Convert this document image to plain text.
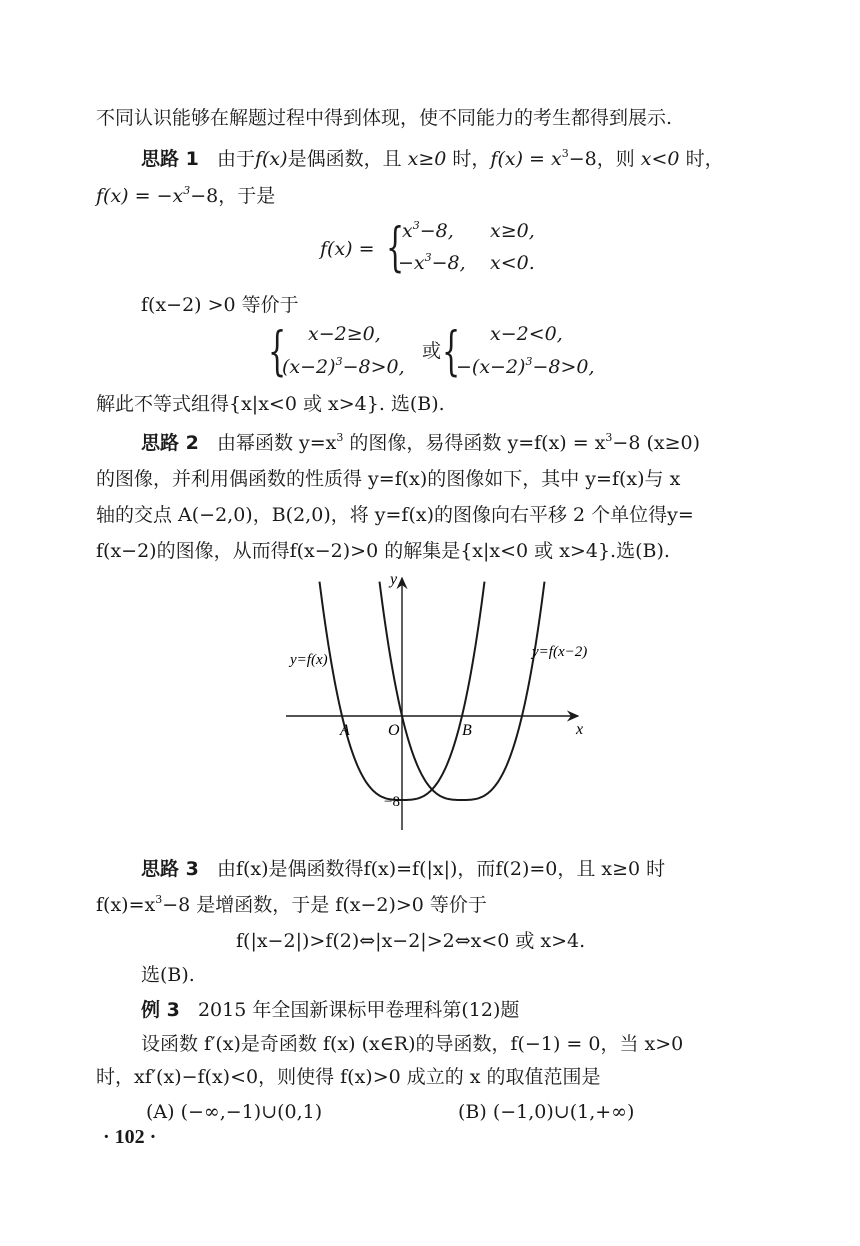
不同认识能够在解题过程中得到体现，使不同能力的考生都得到展示.
思路 1 由于f(x)是偶函数，且 x≥0 时，$f(x) = x^3-8$，则 x<0 时，
$f(x) = -x^3-8$，于是
f(x) = {
$x^3-8$, x≥0,
$-x^3-8$, x<0.
f(x−2) >0 等价于
{ x−2≥0,
$(x-2)^3-8>0$,
或 { x−2<0,
$-(x-2)^3-8>0$,
解此不等式组得{x|x<0 或 x>4}. 选(B).
思路 2 由幂函数 $y=x^3$ 的图像，易得函数 $y=f(x) = x^3-8$ (x≥0)
的图像，并利用偶函数的性质得 y=f(x)的图像如下，其中 y=f(x)与 x
轴的交点 A(−2,0)，B(2,0)，将 y=f(x)的图像向右平移 2 个单位得y=
f(x−2)的图像，从而得f(x−2)>0 的解集是{x|x<0 或 x>4}.选(B).
y
x
y=f(x)	y=f(x−2)
A O	B
−8
思路 3 由f(x)是偶函数得f(x)=f(|x|)，而f(2)=0，且 x≥0 时
$f(x)=x^3-8$ 是增函数，于是 f(x−2)>0 等价于
f(|x−2|)>f(2)⇔|x−2|>2⇔x<0 或 x>4.
选(B).
例 3 2015 年全国新课标甲卷理科第(12)题
设函数 f′(x)是奇函数 f(x) (x∈R)的导函数，f(−1) = 0，当 x>0
时，xf′(x)−f(x)<0，则使得 f(x)>0 成立的 x 的取值范围是
(A) (−∞,−1)∪(0,1)	(B) (−1,0)∪(1,+∞)
· 102 ·
